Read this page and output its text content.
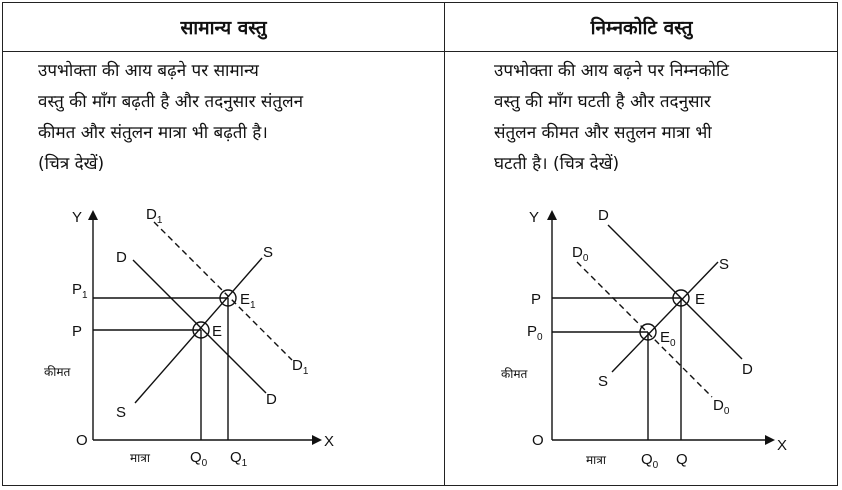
सामान्य वस्तु	निम्नकोटि वस्तु
उपभोक्ता की आय बढ़ने पर सामान्य
वस्तु की माँग बढ़ती है और तदनुसार संतुलन
कीमत और संतुलन मात्रा भी बढ़ती है।
(चित्र देखें)
उपभोक्ता की आय बढ़ने पर निम्नकोटि
वस्तु की माँग घटती है और तदनुसार
संतुलन कीमत और सतुलन मात्रा भी
घटती है। (चित्र देखें)
Y
X
O
D
D
$D_1$
$D_1$
S
S
E
$E_1$
$P_1$
P
$Q_0$ $Q_1$
कीमत
मात्रा
Y
X
O
D
D
$D_0$
$D_0$
S
S
E
$E_0$
P
$P_0$
$Q_0$ Q
कीमत
मात्रा
